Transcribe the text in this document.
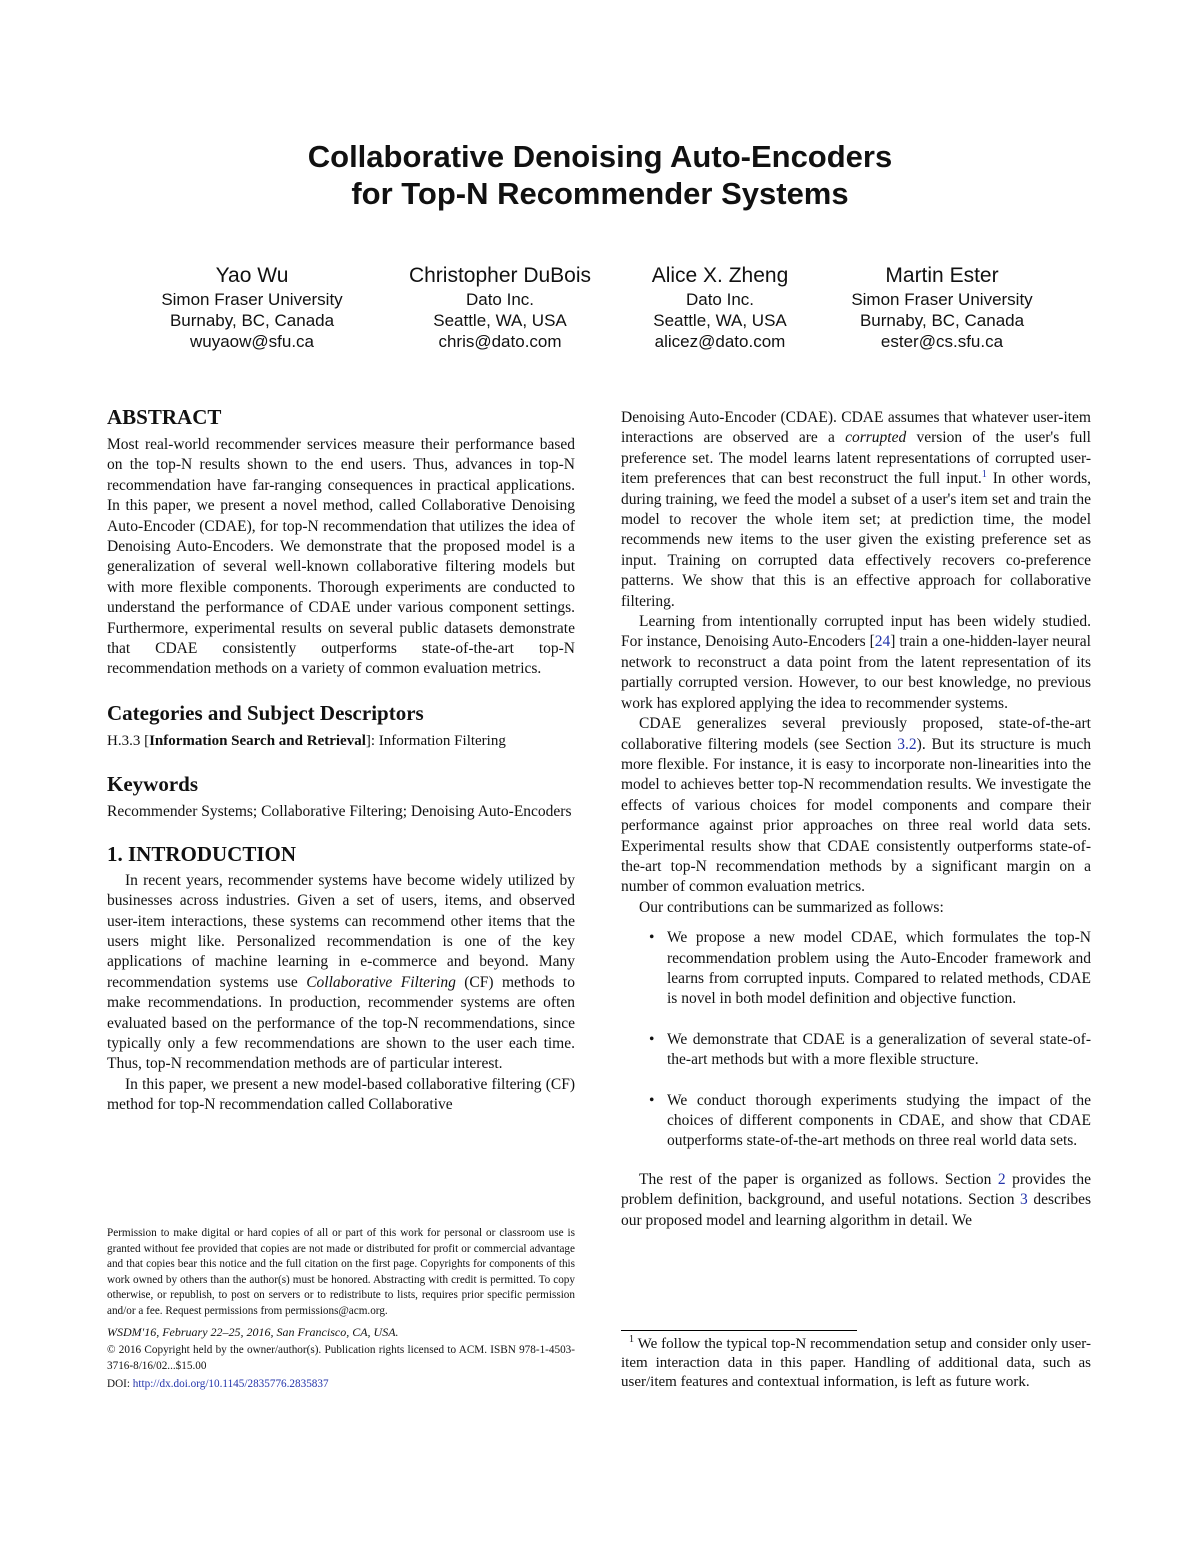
Collaborative Denoising Auto-Encoders
for Top-N Recommender Systems
Yao Wu
Simon Fraser University
Burnaby, BC, Canada
wuyaow@sfu.ca
Christopher DuBois
Dato Inc.
Seattle, WA, USA
chris@dato.com
Alice X. Zheng
Dato Inc.
Seattle, WA, USA
alicez@dato.com
Martin Ester
Simon Fraser University
Burnaby, BC, Canada
ester@cs.sfu.ca
ABSTRACT

Most real-world recommender services measure their performance based on the top-N results shown to the end users. Thus, advances in top-N recommendation have far-ranging consequences in practical applications. In this paper, we present a novel method, called Collaborative Denoising Auto-Encoder (CDAE), for top-N recommendation that utilizes the idea of Denoising Auto-Encoders. We demonstrate that the proposed model is a generalization of several well-known collaborative filtering models but with more flexible components. Thorough experiments are conducted to understand the performance of CDAE under various component settings. Furthermore, experimental results on several public datasets demonstrate that CDAE consistently outperforms state-of-the-art top-N recommendation methods on a variety of common evaluation metrics.

Categories and Subject Descriptors

H.3.3 [Information Search and Retrieval]: Information Filtering

Keywords

Recommender Systems; Collaborative Filtering; Denoising Auto-Encoders

1. INTRODUCTION

In recent years, recommender systems have become widely utilized by businesses across industries. Given a set of users, items, and observed user-item interactions, these systems can recommend other items that the users might like. Personalized recommendation is one of the key applications of machine learning in e-commerce and beyond. Many recommendation systems use Collaborative Filtering (CF) methods to make recommendations. In production, recommender systems are often evaluated based on the performance of the top-N recommendations, since typically only a few recommendations are shown to the user each time. Thus, top-N recommendation methods are of particular interest.

In this paper, we present a new model-based collaborative filtering (CF) method for top-N recommendation called Collaborative

Permission to make digital or hard copies of all or part of this work for personal or classroom use is granted without fee provided that copies are not made or distributed for profit or commercial advantage and that copies bear this notice and the full citation on the first page. Copyrights for components of this work owned by others than the author(s) must be honored. Abstracting with credit is permitted. To copy otherwise, or republish, to post on servers or to redistribute to lists, requires prior specific permission and/or a fee. Request permissions from permissions@acm.org.

WSDM'16, February 22–25, 2016, San Francisco, CA, USA.

© 2016 Copyright held by the owner/author(s). Publication rights licensed to ACM. ISBN 978-1-4503-3716-8/16/02...$15.00

DOI: http://dx.doi.org/10.1145/2835776.2835837

Denoising Auto-Encoder (CDAE). CDAE assumes that whatever user-item interactions are observed are a corrupted version of the user's full preference set. The model learns latent representations of corrupted user-item preferences that can best reconstruct the full input.$^1$ In other words, during training, we feed the model a subset of a user's item set and train the model to recover the whole item set; at prediction time, the model recommends new items to the user given the existing preference set as input. Training on corrupted data effectively recovers co-preference patterns. We show that this is an effective approach for collaborative filtering.

Learning from intentionally corrupted input has been widely studied. For instance, Denoising Auto-Encoders [24] train a one-hidden-layer neural network to reconstruct a data point from the latent representation of its partially corrupted version. However, to our best knowledge, no previous work has explored applying the idea to recommender systems.

CDAE generalizes several previously proposed, state-of-the-art collaborative filtering models (see Section 3.2). But its structure is much more flexible. For instance, it is easy to incorporate non-linearities into the model to achieves better top-N recommendation results. We investigate the effects of various choices for model components and compare their performance against prior approaches on three real world data sets. Experimental results show that CDAE consistently outperforms state-of-the-art top-N recommendation methods by a significant margin on a number of common evaluation metrics.

Our contributions can be summarized as follows:

• We propose a new model CDAE, which formulates the top-N recommendation problem using the Auto-Encoder framework and learns from corrupted inputs. Compared to related methods, CDAE is novel in both model definition and objective function.
• We demonstrate that CDAE is a generalization of several state-of-the-art methods but with a more flexible structure.
• We conduct thorough experiments studying the impact of the choices of different components in CDAE, and show that CDAE outperforms state-of-the-art methods on three real world data sets.

The rest of the paper is organized as follows. Section 2 provides the problem definition, background, and useful notations. Section 3 describes our proposed model and learning algorithm in detail. We

$^1$ We follow the typical top-N recommendation setup and consider only user-item interaction data in this paper. Handling of additional data, such as user/item features and contextual information, is left as future work.
